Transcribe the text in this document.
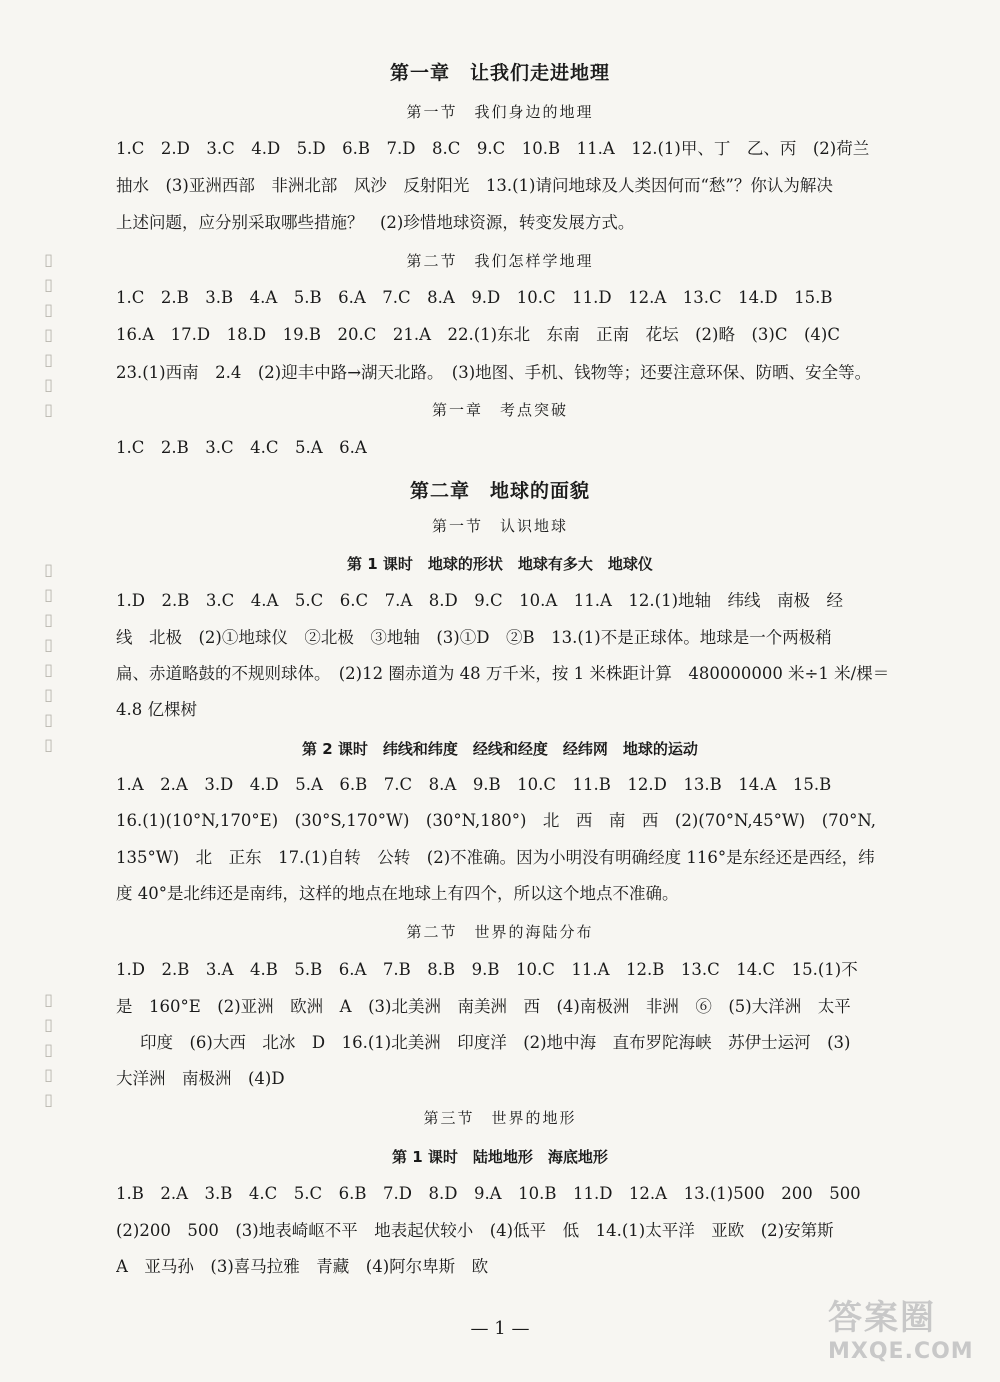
▯▯▯▯▯▯▯
▯▯▯▯▯▯▯▯
▯▯▯▯▯
第一章　让我们走进地理
第一节　我们身边的地理
1.C　2.D　3.C　4.D　5.D　6.B　7.D　8.C　9.C　10.B　11.A　12.(1)甲、丁　乙、丙　(2)荷兰
抽水　(3)亚洲西部　非洲北部　风沙　反射阳光　13.(1)请问地球及人类因何而“愁”？你认为解决
上述问题，应分别采取哪些措施？　(2)珍惜地球资源，转变发展方式。
第二节　我们怎样学地理
1.C　2.B　3.B　4.A　5.B　6.A　7.C　8.A　9.D　10.C　11.D　12.A　13.C　14.D　15.B
16.A　17.D　18.D　19.B　20.C　21.A　22.(1)东北　东南　正南　花坛　(2)略　(3)C　(4)C
23.(1)西南　2.4　(2)迎丰中路→湖天北路。　(3)地图、手机、钱物等；还要注意环保、防晒、安全等。
第一章　考点突破
1.C　2.B　3.C　4.C　5.A　6.A
第二章　地球的面貌
第一节　认识地球
第 1 课时　地球的形状　地球有多大　地球仪
1.D　2.B　3.C　4.A　5.C　6.C　7.A　8.D　9.C　10.A　11.A　12.(1)地轴　纬线　南极　经
线　北极　(2)①地球仪　②北极　③地轴　(3)①D　②B　13.(1)不是正球体。地球是一个两极稍
扁、赤道略鼓的不规则球体。　(2)12 圈赤道为 48 万千米，按 1 米株距计算　480000000 米÷1 米/棵＝
4.8 亿棵树
第 2 课时　纬线和纬度　经线和经度　经纬网　地球的运动
1.A　2.A　3.D　4.D　5.A　6.B　7.C　8.A　9.B　10.C　11.B　12.D　13.B　14.A　15.B
16.(1)(10°N,170°E)　(30°S,170°W)　(30°N,180°)　北　西　南　西　(2)(70°N,45°W)　(70°N,
135°W)　北　正东　17.(1)自转　公转　(2)不准确。因为小明没有明确经度 116°是东经还是西经，纬
度 40°是北纬还是南纬，这样的地点在地球上有四个，所以这个地点不准确。
第二节　世界的海陆分布
1.D　2.B　3.A　4.B　5.B　6.A　7.B　8.B　9.B　10.C　11.A　12.B　13.C　14.C　15.(1)不
是　160°E　(2)亚洲　欧洲　A　(3)北美洲　南美洲　西　(4)南极洲　非洲　⑥　(5)大洋洲　太平
印度　(6)大西　北冰　D　16.(1)北美洲　印度洋　(2)地中海　直布罗陀海峡　苏伊士运河　(3)
大洋洲　南极洲　(4)D
第三节　世界的地形
第 1 课时　陆地地形　海底地形
1.B　2.A　3.B　4.C　5.C　6.B　7.D　8.D　9.A　10.B　11.D　12.A　13.(1)500　200　500
(2)200　500　(3)地表崎岖不平　地表起伏较小　(4)低平　低　14.(1)太平洋　亚欧　(2)安第斯
A　亚马孙　(3)喜马拉雅　青藏　(4)阿尔卑斯　欧
— 1 —	答案圈
MXQE.COM
